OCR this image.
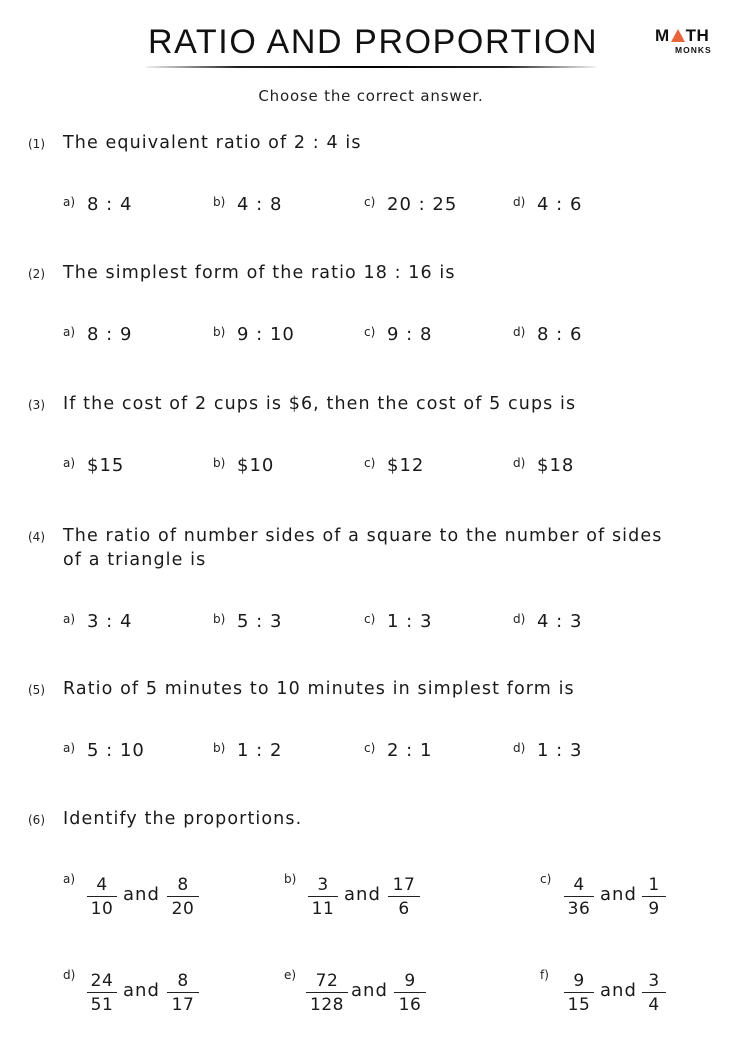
RATIO AND PROPORTION	M TH
MONKS
Choose the correct answer.
(1) The equivalent ratio of 2 : 4 is
a) 8 : 4	b) 4 : 8	c) 20 : 25	d) 4 : 6
(2) The simplest form of the ratio 18 : 16 is
a) 8 : 9	b) 9 : 10	c) 9 : 8	d) 8 : 6
(3) If the cost of 2 cups is $6, then the cost of 5 cups is
a) $15	b) $10	c) $12	d) $18
(4) The ratio of number sides of a square to the number of sides of a triangle is
a) 3 : 4	b) 5 : 3	c) 1 : 3	d) 4 : 3
(5) Ratio of 5 minutes to 10 minutes in simplest form is
a) 5 : 10	b) 1 : 2	c) 2 : 1	d) 1 : 3
(6) Identify the proportions.
a) 4
10
and 8
20
b) 3
11
and 17
6
c) 4
36
and 1
9
d) 24
51
and 8
17
e) 72
128
and 9
16
f) 9
15
and 3
4
